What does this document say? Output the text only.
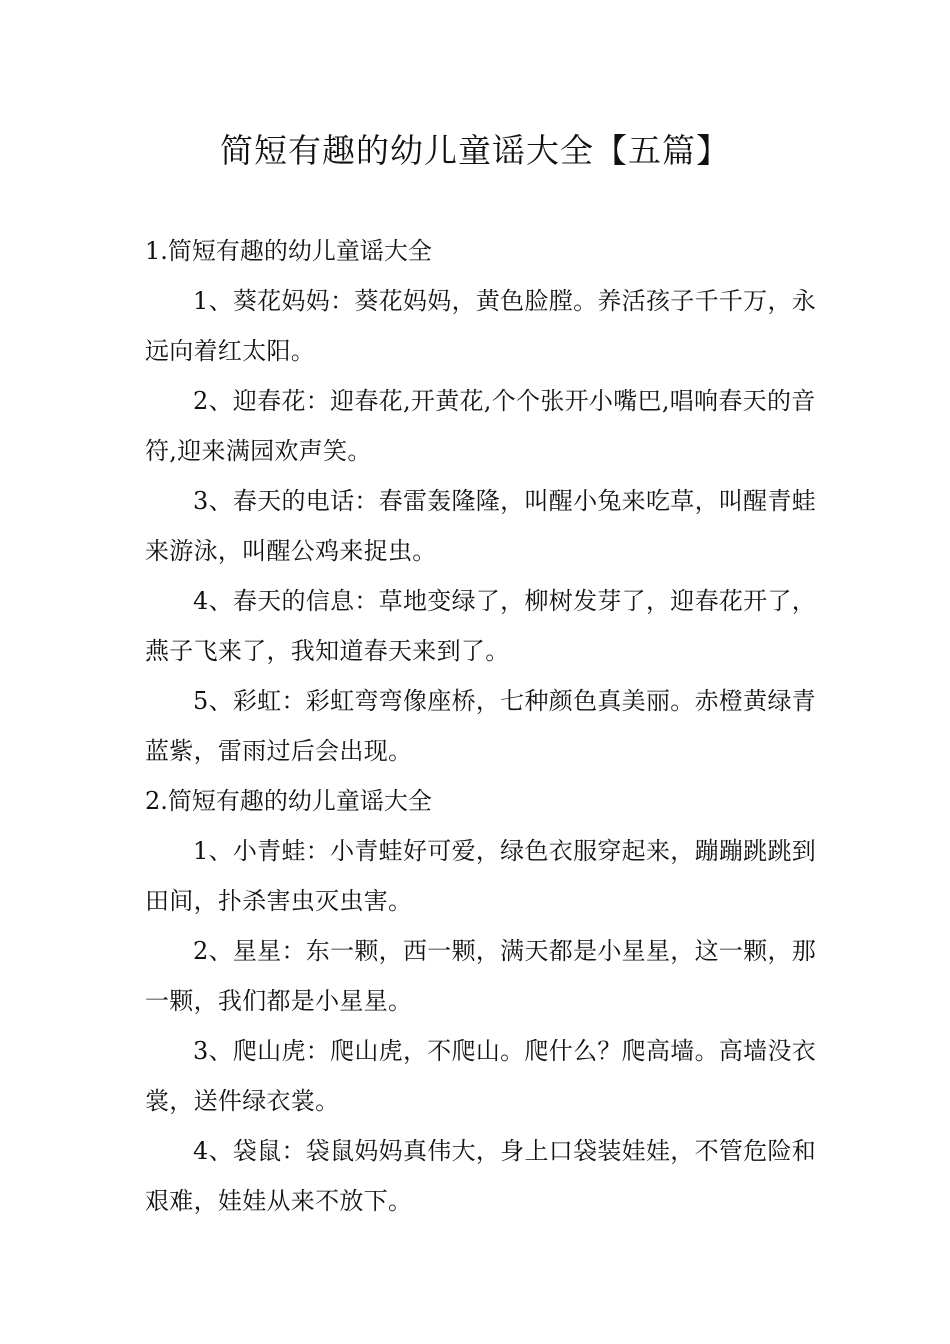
简短有趣的幼儿童谣大全【五篇】
1.简短有趣的幼儿童谣大全

1、葵花妈妈：葵花妈妈，黄色脸膛。养活孩子千千万，永远向着红太阳。

2、迎春花：迎春花,开黄花,个个张开小嘴巴,唱响春天的音符,迎来满园欢声笑。

3、春天的电话：春雷轰隆隆，叫醒小兔来吃草，叫醒青蛙来游泳，叫醒公鸡来捉虫。

4、春天的信息：草地变绿了，柳树发芽了，迎春花开了，燕子飞来了，我知道春天来到了。

5、彩虹：彩虹弯弯像座桥，七种颜色真美丽。赤橙黄绿青蓝紫，雷雨过后会出现。

2.简短有趣的幼儿童谣大全

1、小青蛙：小青蛙好可爱，绿色衣服穿起来，蹦蹦跳跳到田间，扑杀害虫灭虫害。

2、星星：东一颗，西一颗，满天都是小星星，这一颗，那一颗，我们都是小星星。

3、爬山虎：爬山虎，不爬山。爬什么？爬高墙。高墙没衣裳，送件绿衣裳。

4、袋鼠：袋鼠妈妈真伟大，身上口袋装娃娃，不管危险和艰难，娃娃从来不放下。
